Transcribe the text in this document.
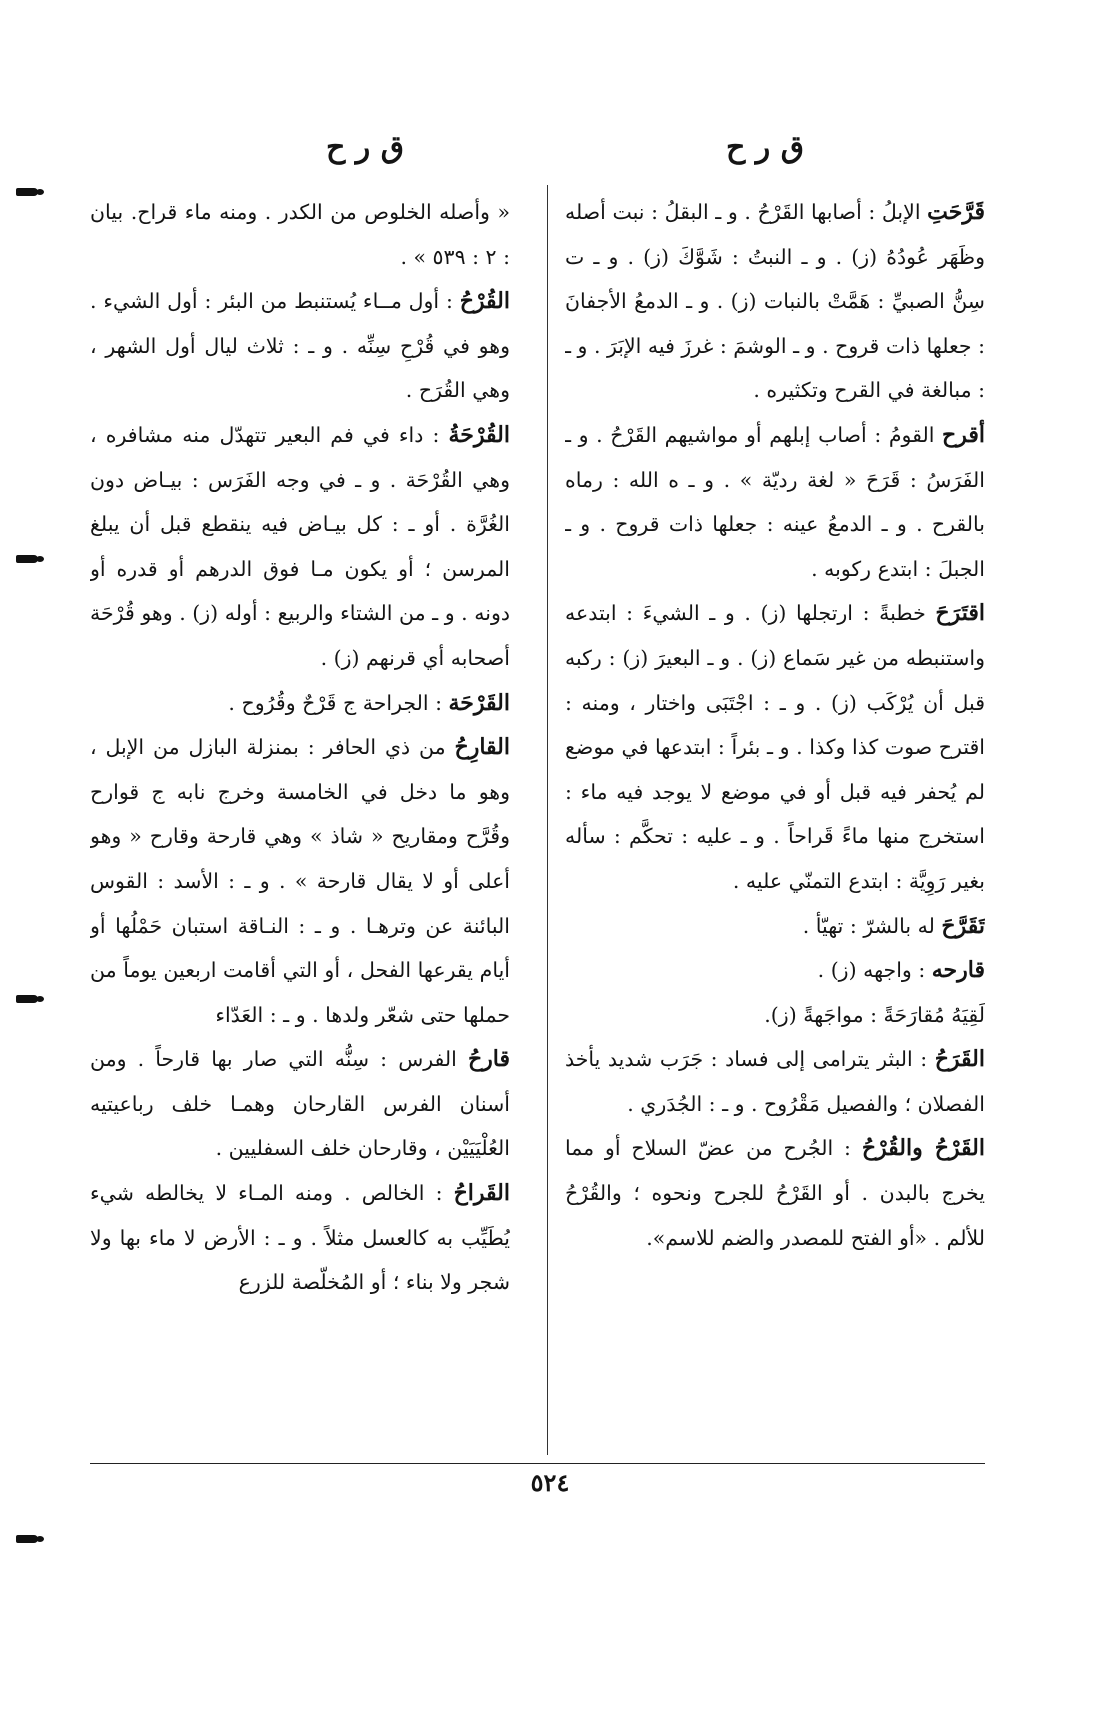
ق ر ح
ق ر ح

قَرَّحَتِ الإبلُ : أصابها القَرْحُ . و ـ البقلُ : نبت أصله وظَهَر عُودُهُ (ز) . و ـ النبتُ : شَوَّكَ (ز) . و ـ ت سِنُّ الصبيِّ : هَمَّتْ بالنبات (ز) . و ـ الدمعُ الأجفانَ : جعلها ذات قروح . و ـ الوشمَ : غرزَ فيه الإبَرَ . و ـ : مبالغة في القرح وتكثيره .

أقرح القومُ : أصاب إبلهم أو مواشيهم القَرْحُ . و ـ الفَرَسُ : قَرَحَ « لغة رديّة » . و ـ ه الله : رماه بالقرح . و ـ الدمعُ عينه : جعلها ذات قروح . و ـ الجبلَ : ابتدع ركوبه .

اقتَرَحَ خطبةً : ارتجلها (ز) . و ـ الشيءَ : ابتدعه واستنبطه من غير سَماع (ز) . و ـ البعيرَ (ز) : ركبه قبل أن يُرْكَب (ز) . و ـ : اجْتَبَى واختار ، ومنه : اقترح صوت كذا وكذا . و ـ بئراً : ابتدعها في موضع لم يُحفر فيه قبل أو في موضع لا يوجد فيه ماء : استخرج منها ماءً قَراحاً . و ـ عليه : تحكَّم : سأله بغير رَوِيَّة : ابتدع التمنّي عليه .

تَقَرَّحَ له بالشرّ : تهيّأ .

قارحه : واجهه (ز) .

لَقِيَهُ مُقارَحَةً : مواجَهةً (ز).

القَرَحُ : البثر يترامى إلى فساد : جَرَب شديد يأخذ الفصلان ؛ والفصيل مَقْرُوح . و ـ : الجُدَري .

القَرْحُ والقُرْحُ : الجُرح من عضّ السلاح أو مما يخرج بالبدن . أو القَرْحُ للجرح ونحوه ؛ والقُرْحُ للألم . «أو الفتح للمصدر والضم للاسم».

« وأصله الخلوص من الكدر . ومنه ماء قراح. بيان : ٢ : ٥٣٩ » .

القُرْحُ : أول مــاء يُستنبط من البئر : أول الشيء . وهو في قُرْحِ سِنِّه . و ـ : ثلاث ليال أول الشهر ، وهي القُرَح .

القُرْحَةُ : داء في فم البعير تتهدّل منه مشافره ، وهي القُرْحَة . و ـ في وجه الفَرَس : بيـاض دون الغُرَّة . أو ـ : كل بيـاض فيه ينقطع قبل أن يبلغ المرسن ؛ أو يكون مـا فوق الدرهم أو قدره أو دونه . و ـ من الشتاء والربيع : أوله (ز) . وهو قُرْحَة أصحابه أي قرنهم (ز) .

القَرْحَة : الجراحة ج قَرْحٌ وقُرُوح .

القارِحُ من ذي الحافر : بمنزلة البازل من الإبل ، وهو ما دخل في الخامسة وخرج نابه ج قوارح وقُرَّح ومقاريح « شاذ » وهي قارحة وقارح « وهو أعلى أو لا يقال قارحة » . و ـ : الأسد : القوس البائنة عن وترهـا . و ـ : النـاقة استبان حَمْلُها أو أيام يقرعها الفحل ، أو التي أقامت اربعين يوماً من حملها حتى شعّر ولدها . و ـ : العَدّاء

قارحُ الفرس : سِنُّه التي صار بها قارحاً . ومن أسنان الفرس القارحان وهمـا خلف رباعيتيه العُلْيَيَيْن ، وقارحان خلف السفليين .

القَراحُ : الخالص . ومنه المـاء لا يخالطه شيء يُطَيِّب به كالعسل مثلاً . و ـ : الأرض لا ماء بها ولا شجر ولا بناء ؛ أو المُخلّصة للزرع

٥٢٤
